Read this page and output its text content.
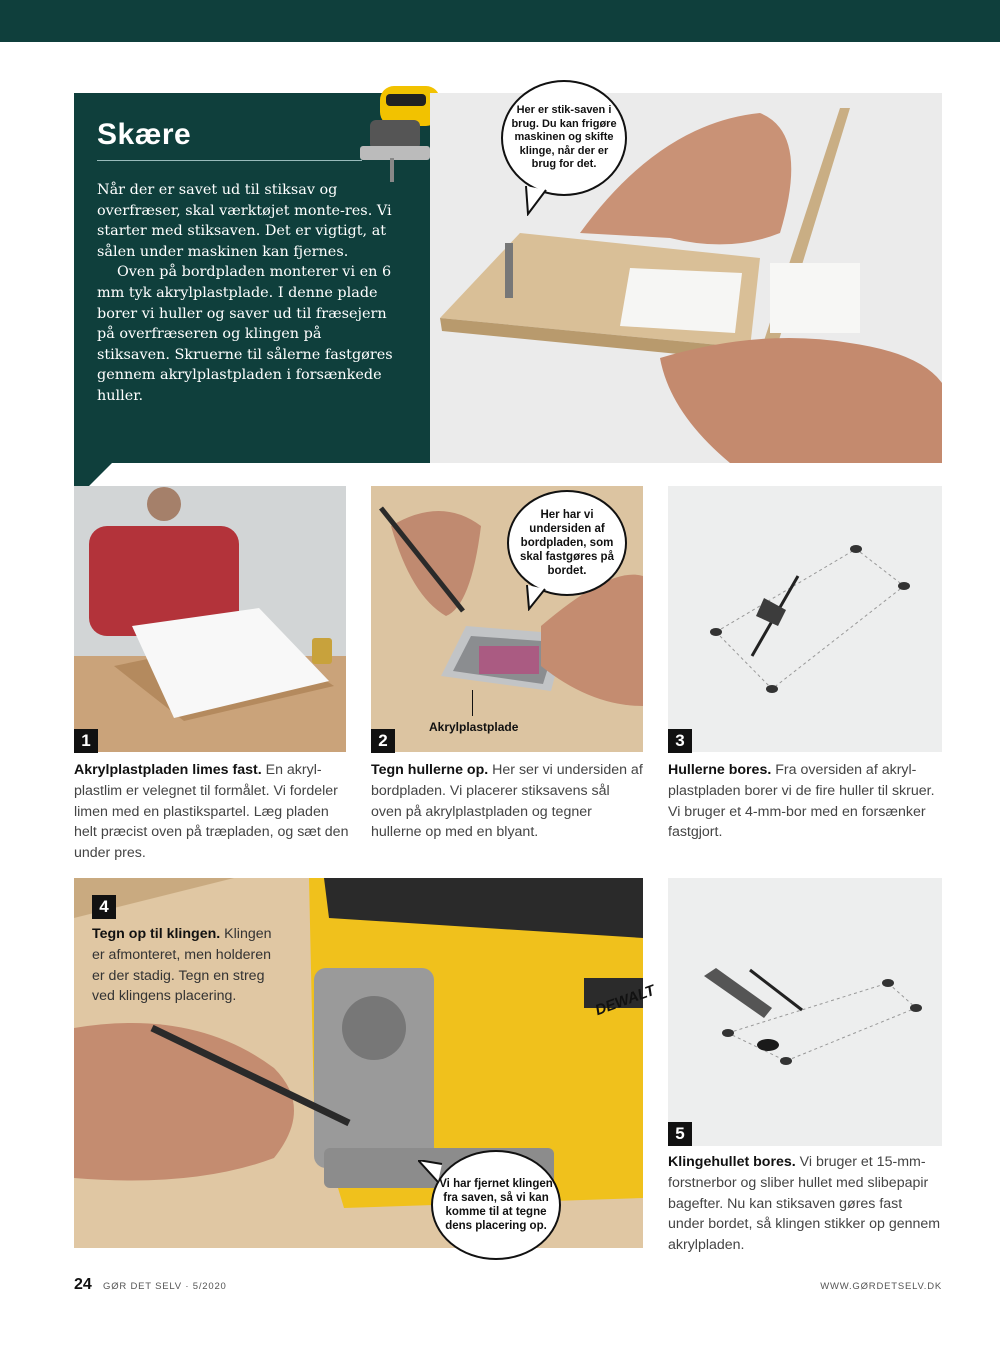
Skære

Når der er savet ud til stiksav og overfræser, skal værktøjet monte-res. Vi starter med stiksaven. Det er vigtigt, at sålen under maskinen kan fjernes.

Oven på bordpladen monterer vi en 6 mm tyk akrylplastplade. I denne plade borer vi huller og saver ud til fræsejern på overfræseren og klingen på stiksaven. Skruerne til sålerne fastgøres gennem akrylplastpladen i forsænkede huller.

Her er stik-saven i brug. Du kan frigøre maskinen og skifte klinge, når der er brug for det.
1
Akrylplastpladen limes fast. En akryl-plastlim er velegnet til formålet. Vi fordeler limen med en plastikspartel. Læg pladen helt præcist oven på træpladen, og sæt den under pres.
Her har vi undersiden af bordpladen, som skal fastgøres på bordet.
Akrylplastplade
2
Tegn hullerne op. Her ser vi undersiden af bordpladen. Vi placerer stiksavens sål oven på akrylplastpladen og tegner hullerne op med en blyant.
3
Hullerne bores. Fra oversiden af akryl-plastpladen borer vi de fire huller til skruer. Vi bruger et 4-mm-bor med en forsænker fastgjort.
DEWALT
4
Tegn op til klingen. Klingen er afmonteret, men holderen er der stadig. Tegn en streg ved klingens placering.
Vi har fjernet klingen fra saven, så vi kan komme til at tegne dens placering op.
5
Klingehullet bores. Vi bruger et 15-mm-forstnerbor og sliber hullet med slibepapir bagefter. Nu kan stiksaven gøres fast under bordet, så klingen stikker op gennem akrylpladen.
24 GØR DET SELV · 5/2020	WWW.GØRDETSELV.DK
